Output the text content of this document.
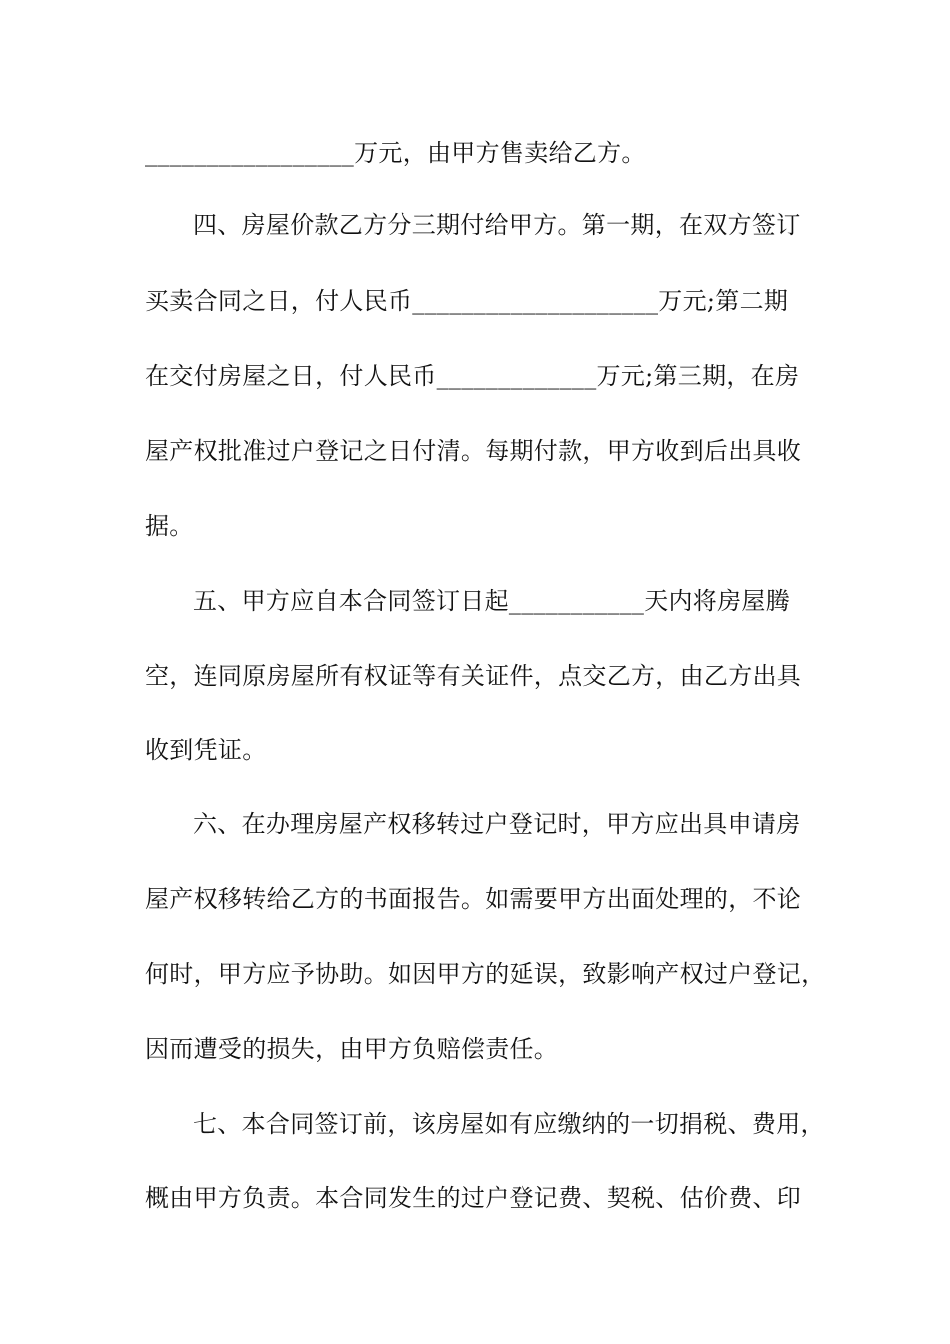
_________________万元，由甲方售卖给乙方。
四、房屋价款乙方分三期付给甲方。第一期，在双方签订
买卖合同之日，付人民币____________________万元;第二期
在交付房屋之日，付人民币_____________万元;第三期，在房
屋产权批准过户登记之日付清。每期付款，甲方收到后出具收
据。
五、甲方应自本合同签订日起___________天内将房屋腾
空，连同原房屋所有权证等有关证件，点交乙方，由乙方出具
收到凭证。
六、在办理房屋产权移转过户登记时，甲方应出具申请房
屋产权移转给乙方的书面报告。如需要甲方出面处理的，不论
何时，甲方应予协助。如因甲方的延误，致影响产权过户登记，
因而遭受的损失，由甲方负赔偿责任。
七、本合同签订前，该房屋如有应缴纳的一切捐税、费用，
概由甲方负责。本合同发生的过户登记费、契税、估价费、印
